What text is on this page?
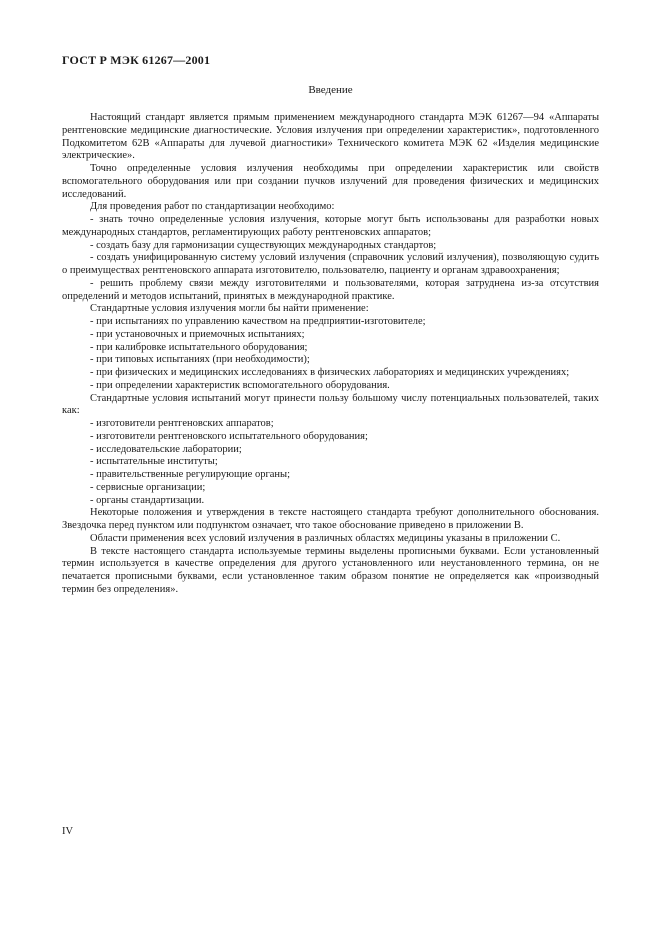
ГОСТ Р МЭК 61267—2001
Введение

Настоящий стандарт является прямым применением международного стандарта МЭК 61267—94 «Аппараты рентгеновские медицинские диагностические. Условия излучения при определении характеристик», подготовленного Подкомитетом 62В «Аппараты для лучевой диагностики» Технического комитета МЭК 62 «Изделия медицинские электрические».

Точно определенные условия излучения необходимы при определении характеристик или свойств вспомогательного оборудования или при создании пучков излучений для проведения физических и медицинских исследований.

Для проведения работ по стандартизации необходимо:

- знать точно определенные условия излучения, которые могут быть использованы для разработки новых международных стандартов, регламентирующих работу рентгеновских аппаратов;

- создать базу для гармонизации существующих международных стандартов;

- создать унифицированную систему условий излучения (справочник условий излучения), позволяющую судить о преимуществах рентгеновского аппарата изготовителю, пользователю, пациенту и органам здравоохранения;

- решить проблему связи между изготовителями и пользователями, которая затруднена из-за отсутствия определений и методов испытаний, принятых в международной практике.

Стандартные условия излучения могли бы найти применение:

- при испытаниях по управлению качеством на предприятии-изготовителе;

- при установочных и приемочных испытаниях;

- при калибровке испытательного оборудования;

- при типовых испытаниях (при необходимости);

- при физических и медицинских исследованиях в физических лабораториях и медицинских учреждениях;

- при определении характеристик вспомогательного оборудования.

Стандартные условия испытаний могут принести пользу большому числу потенциальных пользователей, таких как:

- изготовители рентгеновских аппаратов;

- изготовители рентгеновского испытательного оборудования;

- исследовательские лаборатории;

- испытательные институты;

- правительственные регулирующие органы;

- сервисные организации;

- органы стандартизации.

Некоторые положения и утверждения в тексте настоящего стандарта требуют дополнительного обоснования. Звездочка перед пунктом или подпунктом означает, что такое обоснование приведено в приложении В.

Области применения всех условий излучения в различных областях медицины указаны в приложении С.

В тексте настоящего стандарта используемые термины выделены прописными буквами. Если установленный термин используется в качестве определения для другого установленного или неустановленного термина, он не печатается прописными буквами, если установленное таким образом понятие не определяется как «производный термин без определения».

IV
